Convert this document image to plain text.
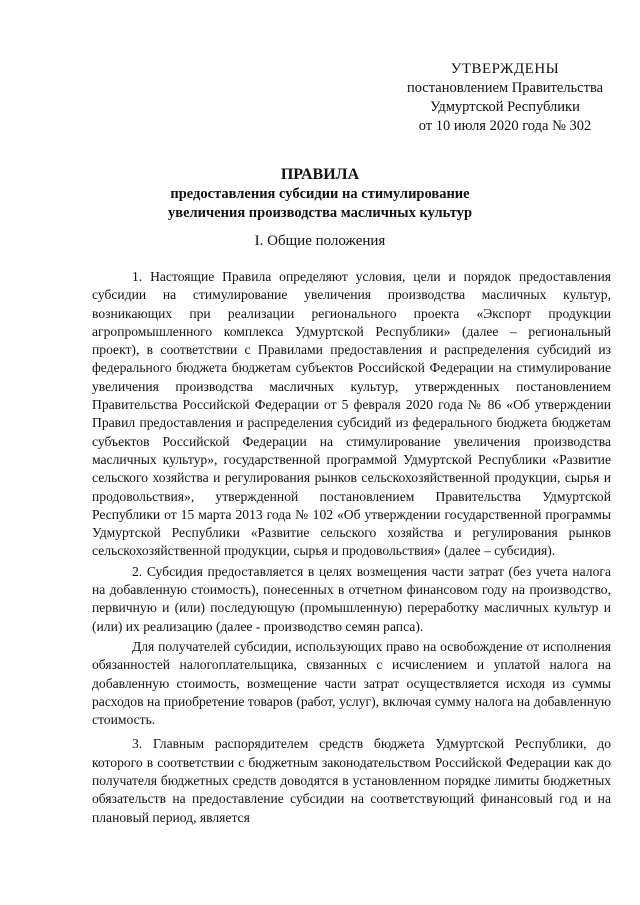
УТВЕРЖДЕНЫ
постановлением Правительства
Удмуртской Республики
от 10 июля 2020 года № 302
ПРАВИЛА
предоставления субсидии на стимулирование
увеличения производства масличных культур
I. Общие положения

1. Настоящие Правила определяют условия, цели и порядок предоставления субсидии на стимулирование увеличения производства масличных культур, возникающих при реализации регионального проекта «Экспорт продукции агропромышленного комплекса Удмуртской Республики» (далее – региональный проект), в соответствии с Правилами предоставления и распределения субсидий из федерального бюджета бюджетам субъектов Российской Федерации на стимулирование увеличения производства масличных культур, утвержденных постановлением Правительства Российской Федерации от 5 февраля 2020 года № 86 «Об утверждении Правил предоставления и распределения субсидий из федерального бюджета бюджетам субъектов Российской Федерации на стимулирование увеличения производства масличных культур», государственной программой Удмуртской Республики «Развитие сельского хозяйства и регулирования рынков сельскохозяйственной продукции, сырья и продовольствия», утвержденной постановлением Правительства Удмуртской Республики от 15 марта 2013 года № 102 «Об утверждении государственной программы Удмуртской Республики «Развитие сельского хозяйства и регулирования рынков сельскохозяйственной продукции, сырья и продовольствия» (далее – субсидия).

2. Субсидия предоставляется в целях возмещения части затрат (без учета налога на добавленную стоимость), понесенных в отчетном финансовом году на производство, первичную и (или) последующую (промышленную) переработку масличных культур и (или) их реализацию (далее - производство семян рапса).

Для получателей субсидии, использующих право на освобождение от исполнения обязанностей налогоплательщика, связанных с исчислением и уплатой налога на добавленную стоимость, возмещение части затрат осуществляется исходя из суммы расходов на приобретение товаров (работ, услуг), включая сумму налога на добавленную стоимость.

3. Главным распорядителем средств бюджета Удмуртской Республики, до которого в соответствии с бюджетным законодательством Российской Федерации как до получателя бюджетных средств доводятся в установленном порядке лимиты бюджетных обязательств на предоставление субсидии на соответствующий финансовый год и на плановый период, является
